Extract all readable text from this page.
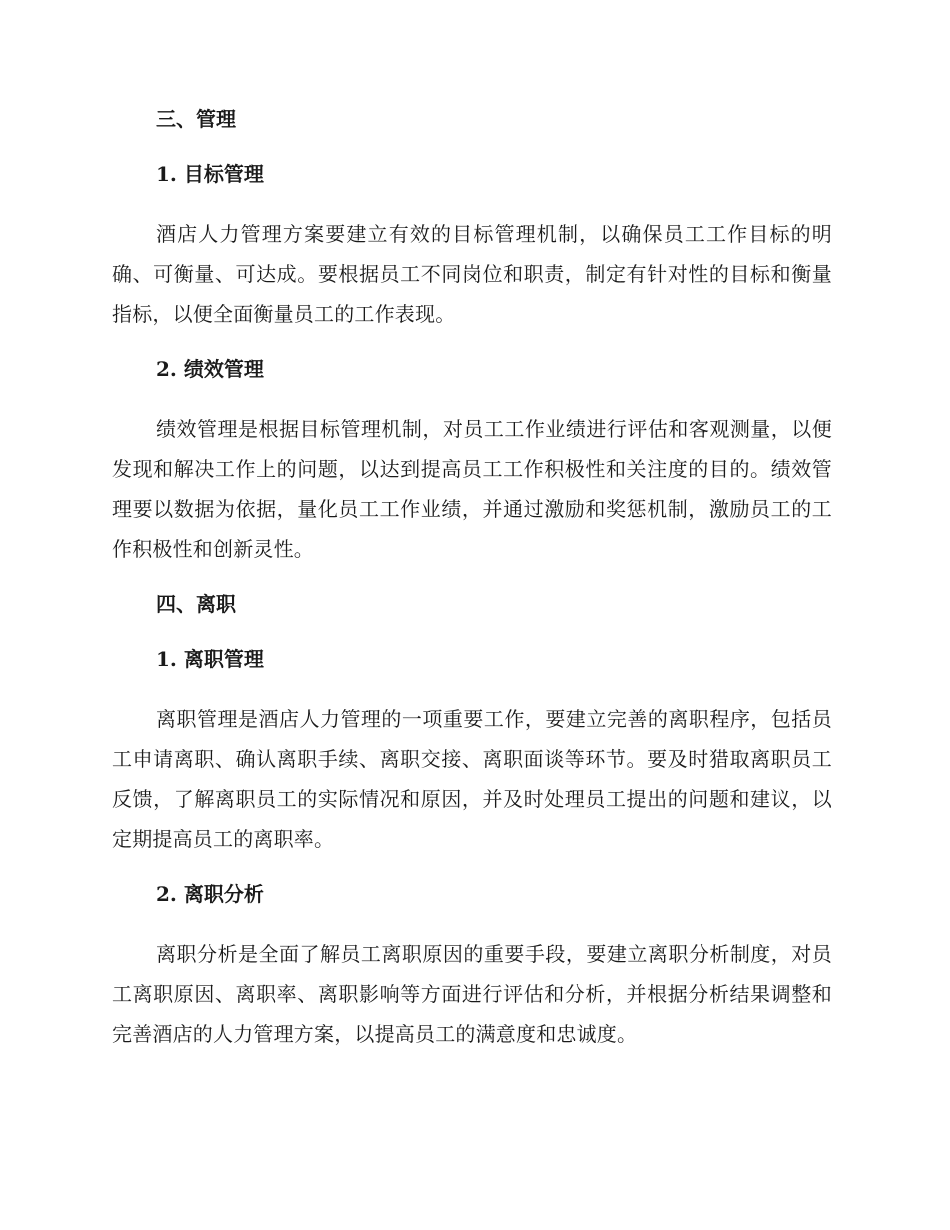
三、管理
1. 目标管理

酒店人力管理方案要建立有效的目标管理机制，以确保员工工作目标的明确、可衡量、可达成。要根据员工不同岗位和职责，制定有针对性的目标和衡量指标，以便全面衡量员工的工作表现。

2. 绩效管理

绩效管理是根据目标管理机制，对员工工作业绩进行评估和客观测量，以便发现和解决工作上的问题，以达到提高员工工作积极性和关注度的目的。绩效管理要以数据为依据，量化员工工作业绩，并通过激励和奖惩机制，激励员工的工作积极性和创新灵性。

四、离职
1. 离职管理

离职管理是酒店人力管理的一项重要工作，要建立完善的离职程序，包括员工申请离职、确认离职手续、离职交接、离职面谈等环节。要及时猎取离职员工反馈，了解离职员工的实际情况和原因，并及时处理员工提出的问题和建议，以定期提高员工的离职率。

2. 离职分析

离职分析是全面了解员工离职原因的重要手段，要建立离职分析制度，对员工离职原因、离职率、离职影响等方面进行评估和分析，并根据分析结果调整和完善酒店的人力管理方案，以提高员工的满意度和忠诚度。
